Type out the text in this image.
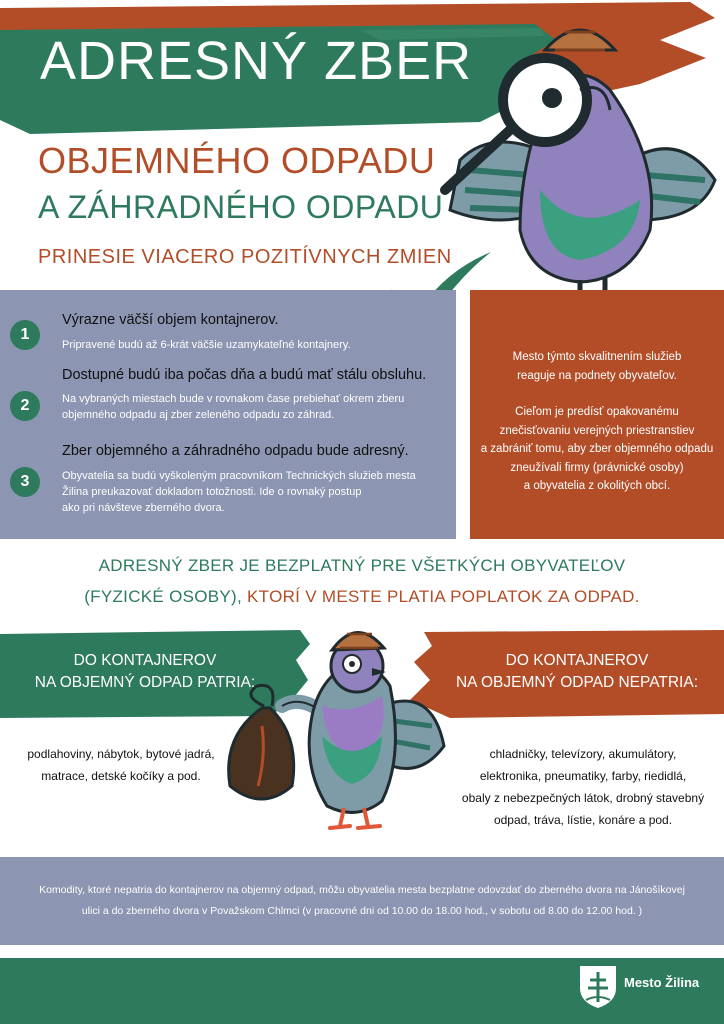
ADRESNÝ ZBER
OBJEMNÉHO ODPADU
A ZÁHRADNÉHO ODPADU
PRINESIE VIACERO POZITÍVNYCH ZMIEN
1
Výrazne väčší objem kontajnerov.
Pripravené budú až 6-krát väčšie uzamykateľné kontajnery.
2
Dostupné budú iba počas dňa a budú mať stálu obsluhu.
Na vybraných miestach bude v rovnakom čase prebiehať okrem zberu
objemného odpadu aj zber zeleného odpadu zo záhrad.
3
Zber objemného a záhradného odpadu bude adresný.
Obyvatelia sa budú vyškoleným pracovníkom Technických služieb mesta
Žilina preukazovať dokladom totožnosti. Ide o rovnaký postup
ako pri návšteve zberného dvora.
Mesto týmto skvalitnením služieb
reaguje na podnety obyvateľov.
Cieľom je predísť opakovanému
znečisťovaniu verejných priestranstiev
a zabrániť tomu, aby zber objemného odpadu
zneužívali firmy (právnické osoby)
a obyvatelia z okolitých obcí.
ADRESNÝ ZBER JE BEZPLATNÝ PRE VŠETKÝCH OBYVATEĽOV
(FYZICKÉ OSOBY), KTORÍ V MESTE PLATIA POPLATOK ZA ODPAD.
DO KONTAJNEROV
NA OBJEMNÝ ODPAD PATRIA:
DO KONTAJNEROV
NA OBJEMNÝ ODPAD NEPATRIA:
podlahoviny, nábytok, bytové jadrá,
matrace, detské kočíky a pod.
chladničky, televízory, akumulátory,
elektronika, pneumatiky, farby, riedidlá,
obaly z nebezpečných látok, drobný stavebný
odpad, tráva, lístie, konáre a pod.
Komodity, ktoré nepatria do kontajnerov na objemný odpad, môžu obyvatelia mesta bezplatne odovzdať do zberného dvora na Jánošíkovej
ulici a do zberného dvora v Považskom Chlmci (v pracovné dni od 10.00 do 18.00 hod., v sobotu od 8.00 do 12.00 hod. )
Mesto Žilina
